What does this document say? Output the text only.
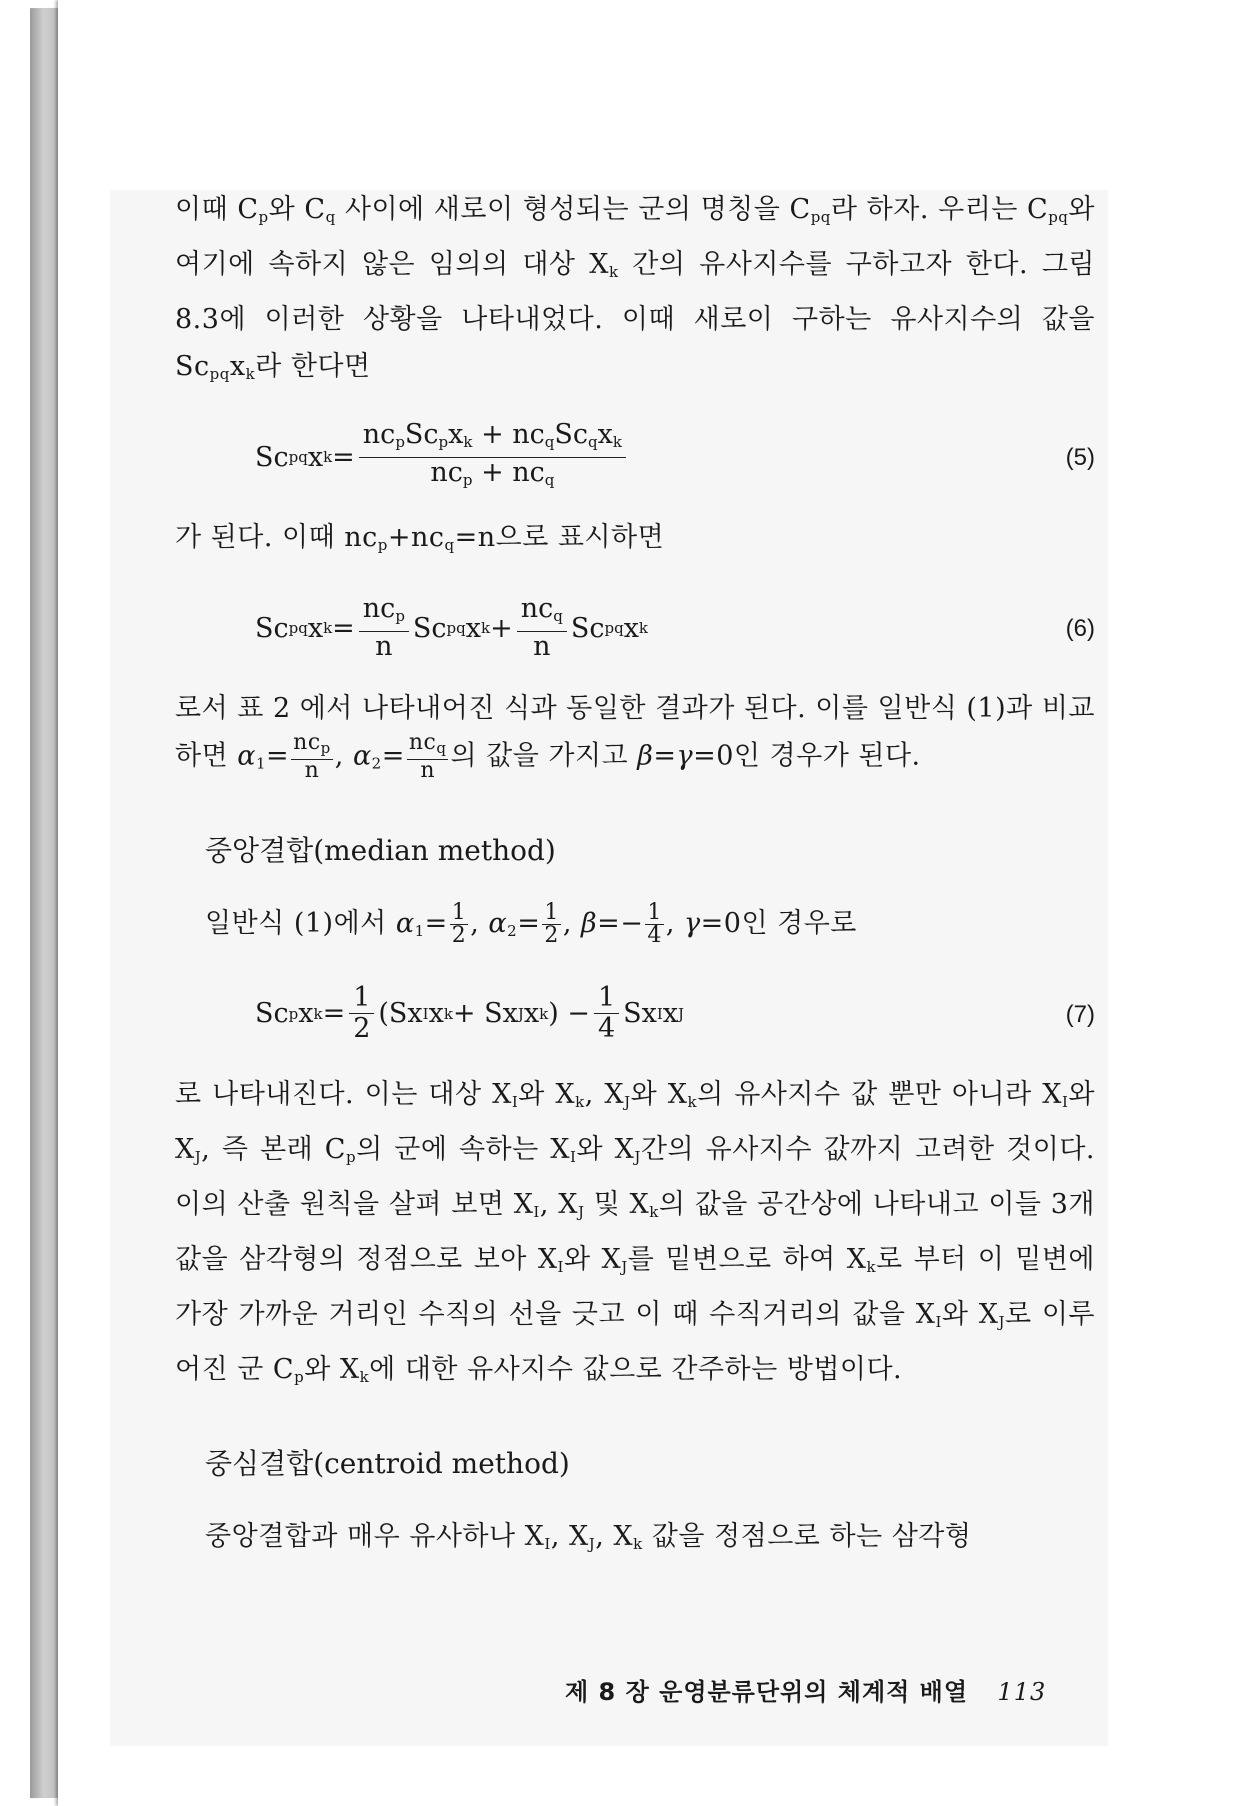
이때 $C_p$와 $C_q$ 사이에 새로이 형성되는 군의 명칭을 $C_{pq}$라 하자. 우리는 $C_{pq}$와 여기에 속하지 않은 임의의 대상 $X_k$ 간의 유사지수를 구하고자 한다. 그림 8.3에 이러한 상황을 나타내었다. 이때 새로이 구하는 유사지수의 값을 $Sc_{pq}x_k$라 한다면

Sc pq x $k = \frac{nc_pSc_px_k + nc_qSc_qx_k}{nc_p + nc_q}$	(5)

가 된다. 이때 $nc_p+nc_q=n$으로 표시하면

Sc pq x $k = \frac{nc_p}{n}$ Sc pq x $k + \frac{nc_q}{n}$ Sc pq x k	(6)

로서 표 2 에서 나타내어진 식과 동일한 결과가 된다. 이를 일반식 (1)과 비교하면 $\alpha_1= \frac{nc_p}{n}$ , $\alpha_2= \frac{nc_q}{n}$ 의 값을 가지고 β=γ=0인 경우가 된다.

중앙결합(median method)

일반식 (1)에서 $\alpha_1= \frac{1}{2}$ , $\alpha_2= \frac{1}{2}$ , $\beta=- \frac{1}{4}$ , γ=0인 경우로

Sc p x $k = \frac{1}{2} (Sx$ I x k + Sx J x k ) − $\frac{1}{4}$ Sx I x J	(7)

로 나타내진다. 이는 대상 $X_I$와 $X_k$, $X_J$와 $X_k$의 유사지수 값 뿐만 아니라 $X_I$와 $X_J$, 즉 본래 $C_p$의 군에 속하는 $X_I$와 $X_J$간의 유사지수 값까지 고려한 것이다. 이의 산출 원칙을 살펴 보면 $X_I$, $X_J$ 및 $X_k$의 값을 공간상에 나타내고 이들 3개 값을 삼각형의 정점으로 보아 $X_I$와 $X_J$를 밑변으로 하여 $X_k$로 부터 이 밑변에 가장 가까운 거리인 수직의 선을 긋고 이 때 수직거리의 값을 $X_I$와 $X_J$로 이루어진 군 $C_p$와 $X_k$에 대한 유사지수 값으로 간주하는 방법이다.

중심결합(centroid method)

중앙결합과 매우 유사하나 $X_I$, $X_J$, $X_k$ 값을 정점으로 하는 삼각형

제 8 장 운영분류단위의 체계적 배열 113
